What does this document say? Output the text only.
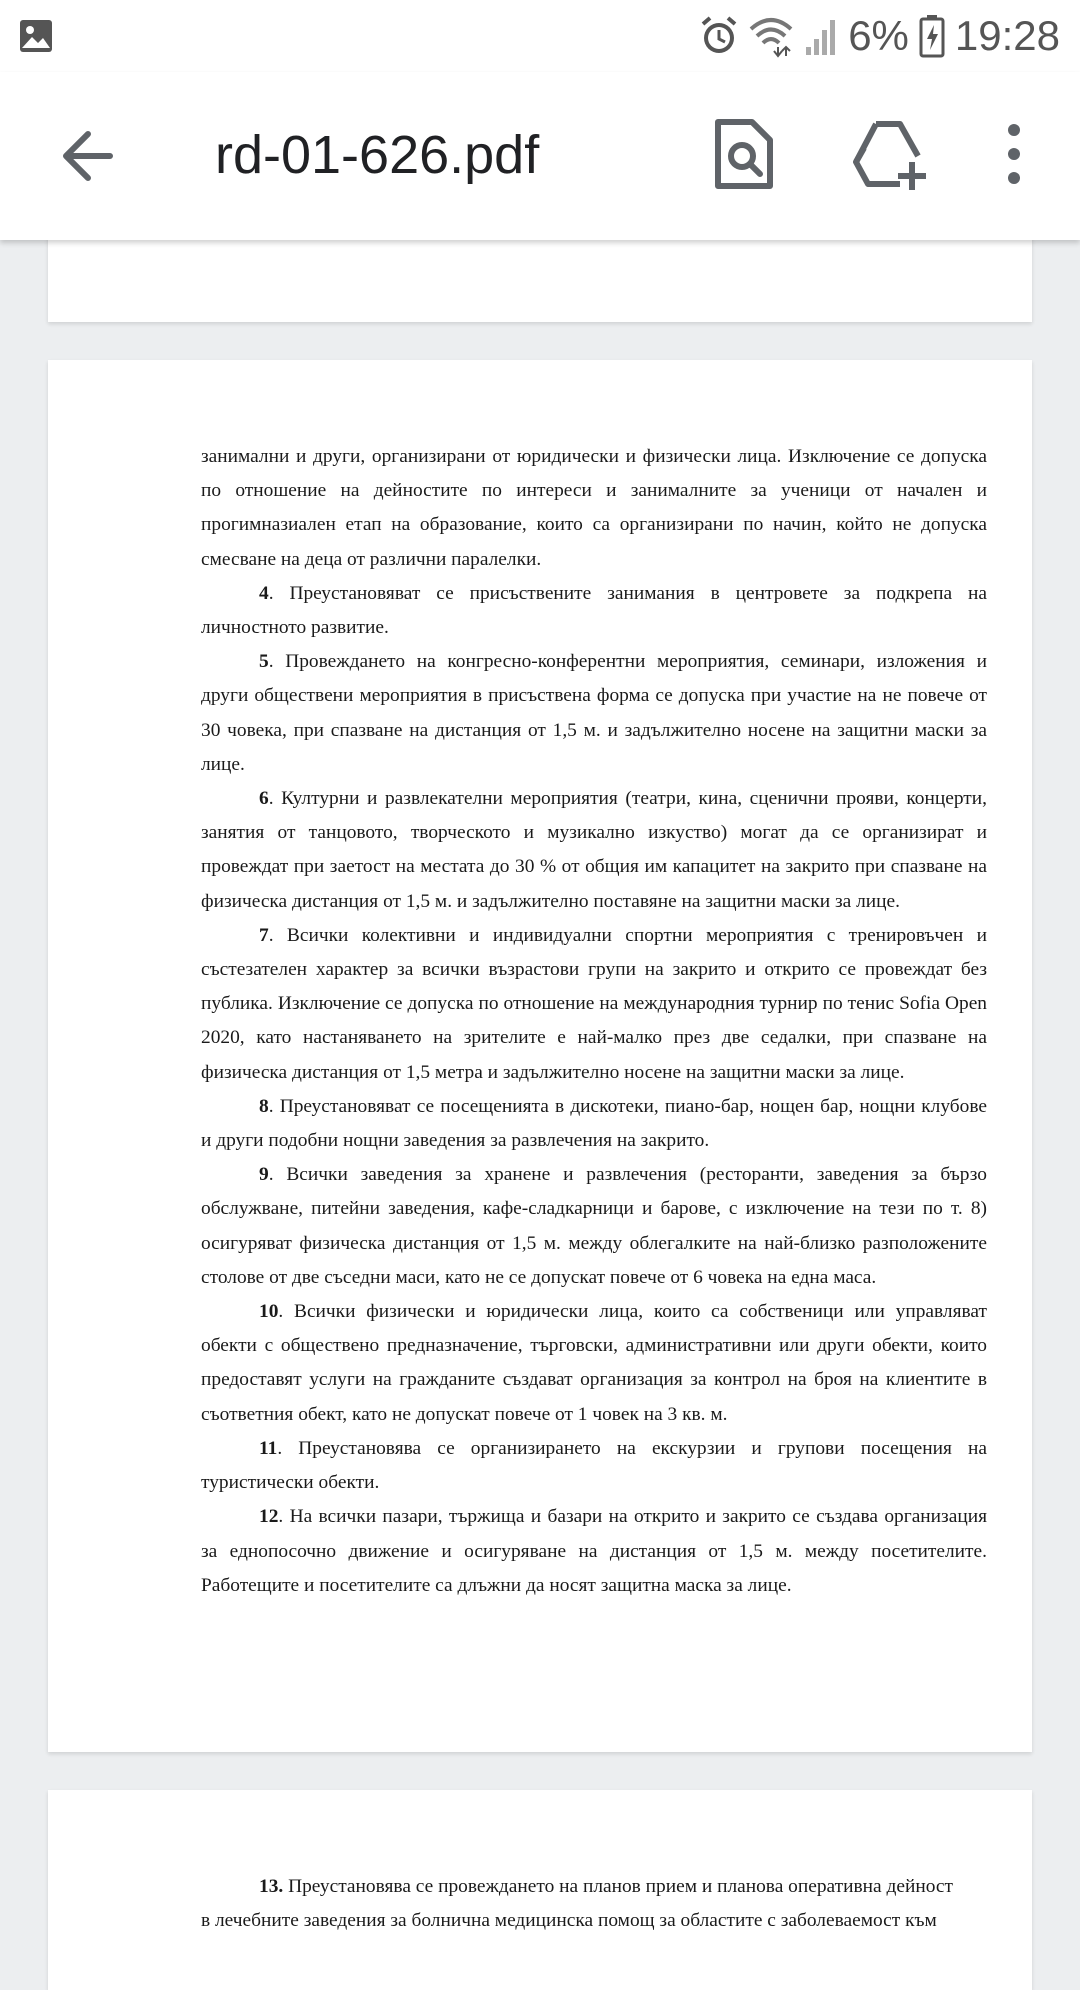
6% 19:28
rd-01-626.pdf

занимални и други, организирани от юридически и физически лица. Изключение се допуска по отношение на дейностите по интереси и занималните за ученици от начален и прогимназиален етап на образование, които са организирани по начин, който не допуска смесване на деца от различни паралелки.

4. Преустановяват се присъствените занимания в центровете за подкрепа на личностното развитие.

5. Провеждането на конгресно-конферентни мероприятия, семинари, изложения и други обществени мероприятия в присъствена форма се допуска при участие на не повече от 30 човека, при спазване на дистанция от 1,5 м. и задължително носене на защитни маски за лице.

6. Културни и развлекателни мероприятия (театри, кина, сценични прояви, концерти, занятия от танцовото, творческото и музикално изкуство) могат да се организират и провеждат при заетост на местата до 30 % от общия им капацитет на закрито при спазване на физическа дистанция от 1,5 м. и задължително поставяне на защитни маски за лице.

7. Всички колективни и индивидуални спортни мероприятия с тренировъчен и състезателен характер за всички възрастови групи на закрито и открито се провеждат без публика. Изключение се допуска по отношение на международния турнир по тенис Sofia Open 2020, като настаняването на зрителите е най-малко през две седалки, при спазване на физическа дистанция от 1,5 метра и задължително носене на защитни маски за лице.

8. Преустановяват се посещенията в дискотеки, пиано-бар, нощен бар, нощни клубове и други подобни нощни заведения за развлечения на закрито.

9. Всички заведения за хранене и развлечения (ресторанти, заведения за бързо обслужване, питейни заведения, кафе-сладкарници и барове, с изключение на тези по т. 8) осигуряват физическа дистанция от 1,5 м. между облегалките на най-близко разположените столове от две съседни маси, като не се допускат повече от 6 човека на една маса.

10. Всички физически и юридически лица, които са собственици или управляват обекти с обществено предназначение, търговски, административни или други обекти, които предоставят услуги на гражданите създават организация за контрол на броя на клиентите в съответния обект, като не допускат повече от 1 човек на 3 кв. м.

11. Преустановява се организирането на екскурзии и групови посещения на туристически обекти.

12. На всички пазари, тържища и базари на открито и закрито се създава организация за еднопосочно движение и осигуряване на дистанция от 1,5 м. между посетителите. Работещите и посетителите са длъжни да носят защитна маска за лице.

13. Преустановява се провеждането на планов прием и планова оперативна дейност

в лечебните заведения за болнична медицинска помощ за областите с заболеваемост към
